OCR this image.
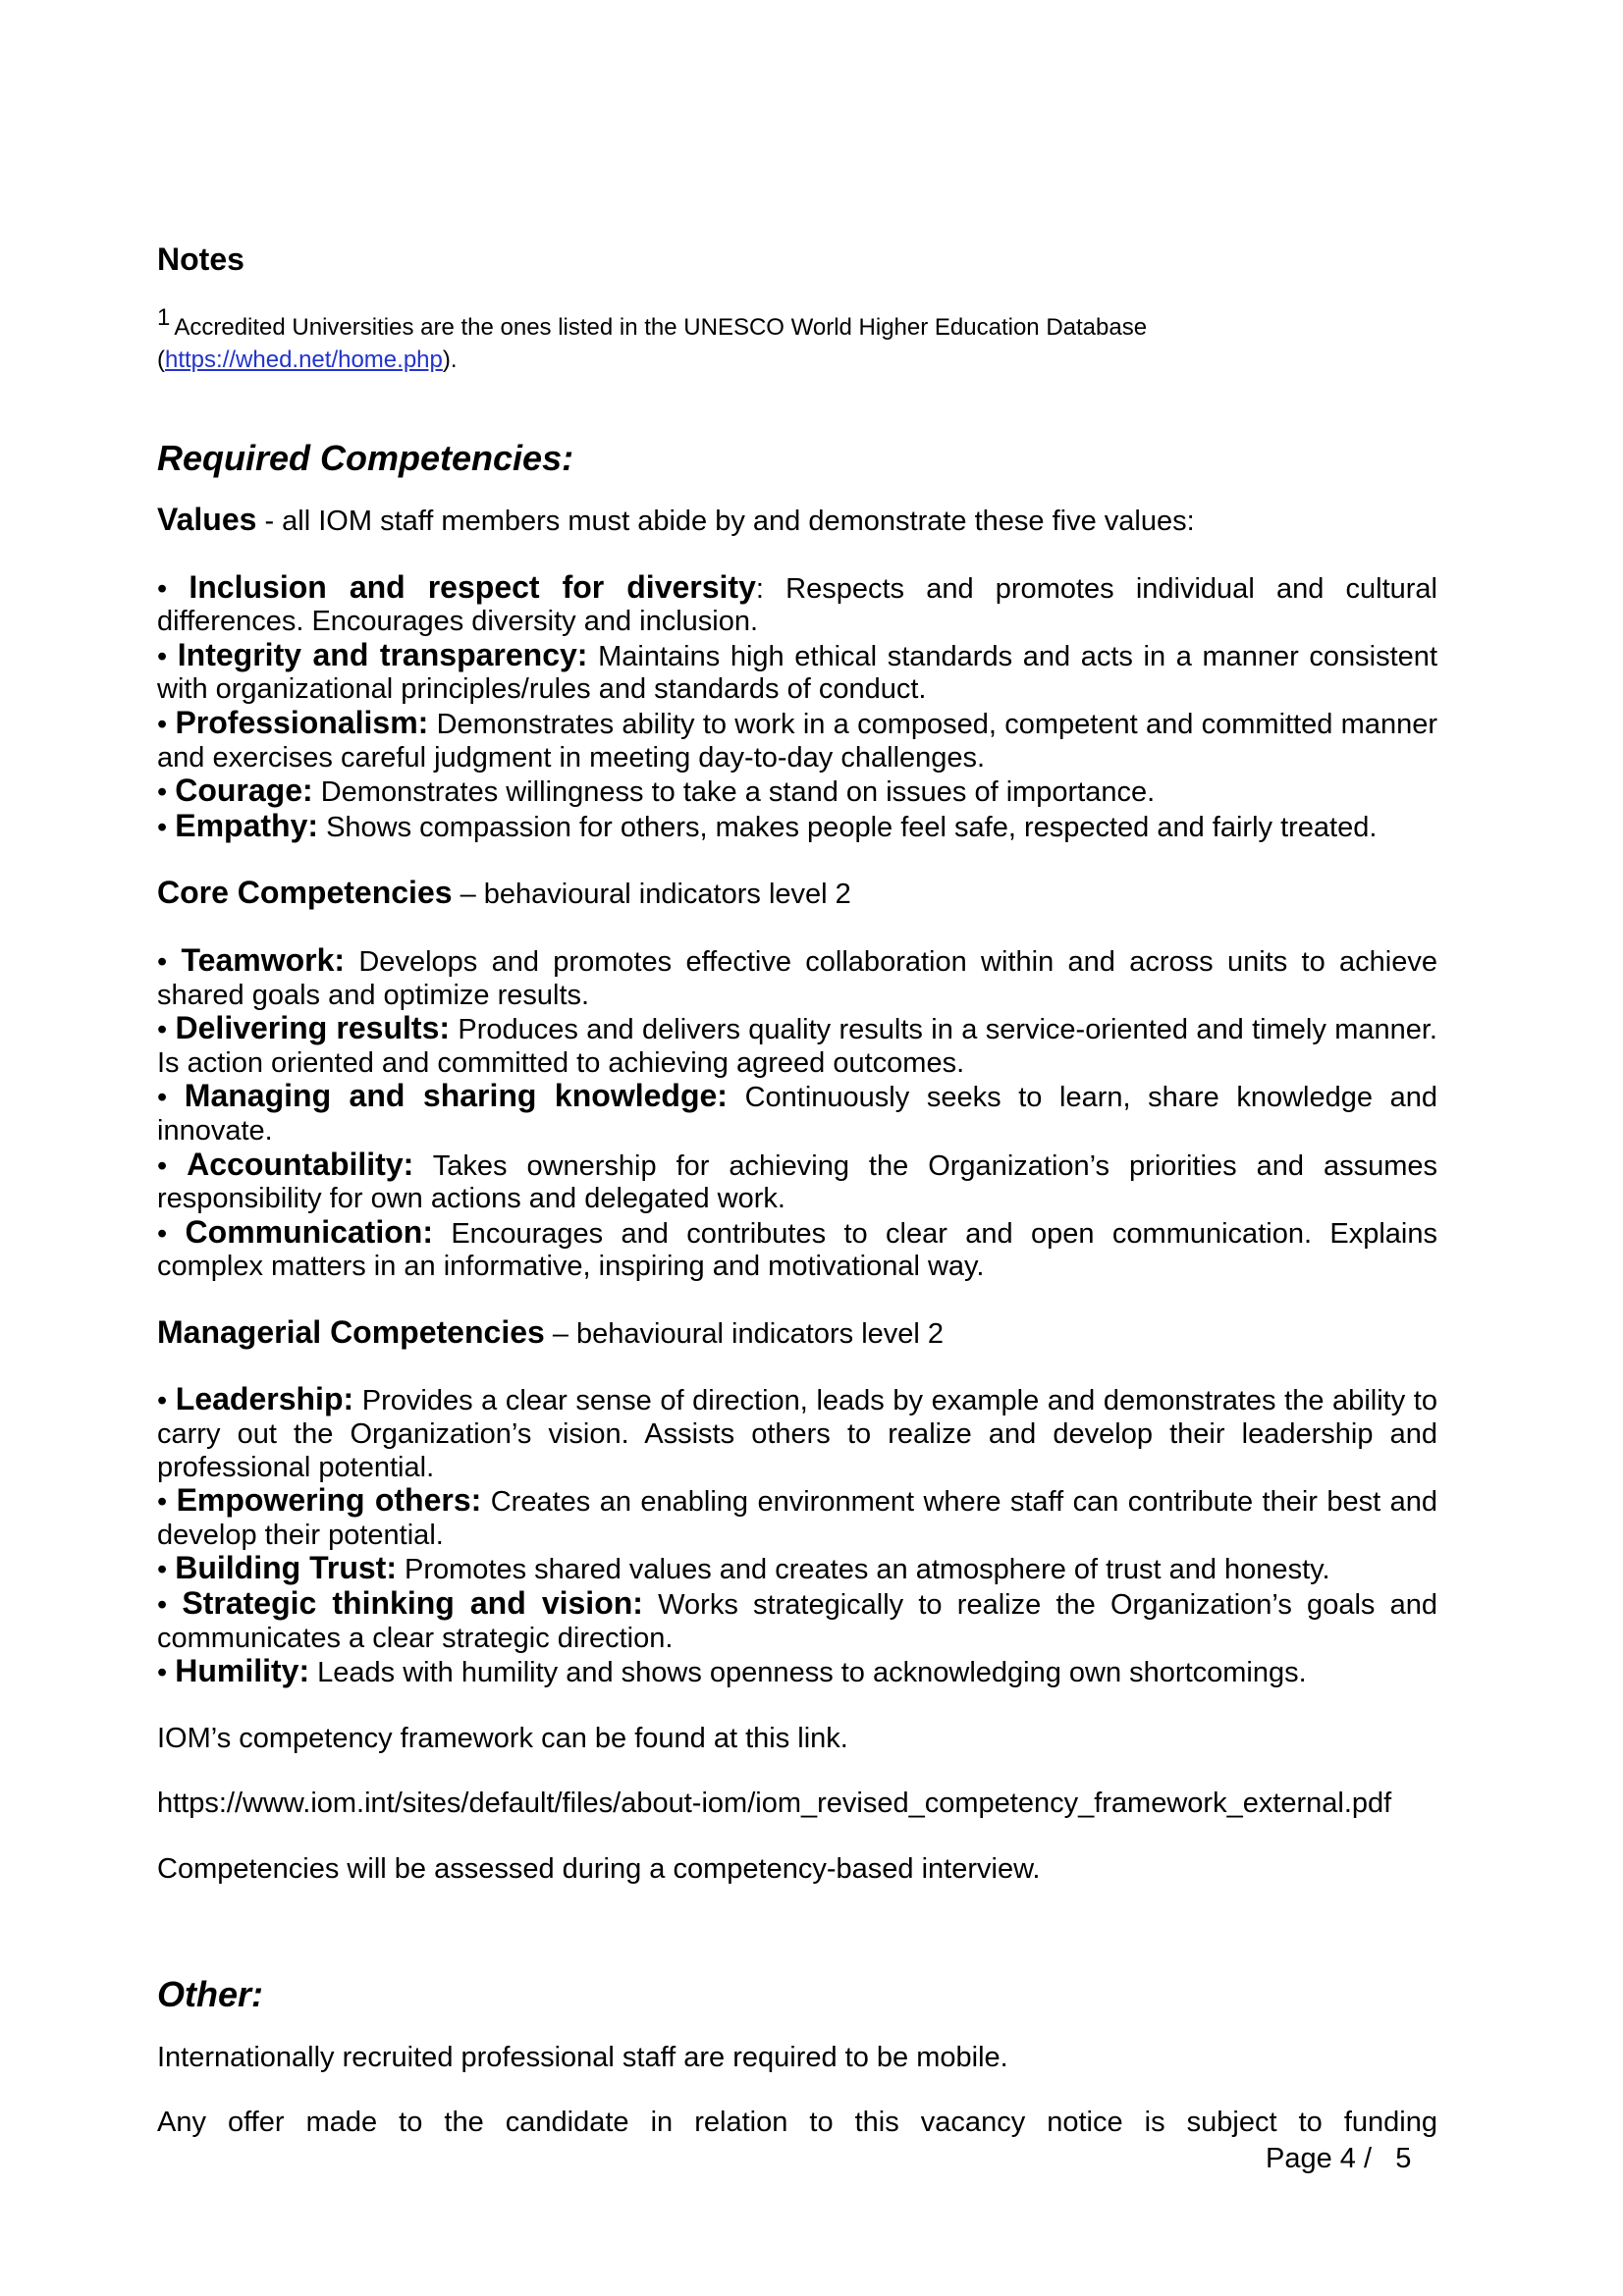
Notes
$^1$ Accredited Universities are the ones listed in the UNESCO World Higher Education Database
(https://whed.net/home.php).
Required Competencies:

Values - all IOM staff members must abide by and demonstrate these five values:

• Inclusion and respect for diversity: Respects and promotes individual and cultural differences. Encourages diversity and inclusion.

• Integrity and transparency: Maintains high ethical standards and acts in a manner consistent with organizational principles/rules and standards of conduct.

• Professionalism: Demonstrates ability to work in a composed, competent and committed manner and exercises careful judgment in meeting day-to-day challenges.

• Courage: Demonstrates willingness to take a stand on issues of importance.

• Empathy: Shows compassion for others, makes people feel safe, respected and fairly treated.

Core Competencies – behavioural indicators level 2

• Teamwork: Develops and promotes effective collaboration within and across units to achieve shared goals and optimize results.

• Delivering results: Produces and delivers quality results in a service-oriented and timely manner. Is action oriented and committed to achieving agreed outcomes.

• Managing and sharing knowledge: Continuously seeks to learn, share knowledge and innovate.

• Accountability: Takes ownership for achieving the Organization’s priorities and assumes responsibility for own actions and delegated work.

• Communication: Encourages and contributes to clear and open communication. Explains complex matters in an informative, inspiring and motivational way.

Managerial Competencies – behavioural indicators level 2

• Leadership: Provides a clear sense of direction, leads by example and demonstrates the ability to carry out the Organization’s vision. Assists others to realize and develop their leadership and professional potential.

• Empowering others: Creates an enabling environment where staff can contribute their best and develop their potential.

• Building Trust: Promotes shared values and creates an atmosphere of trust and honesty.

• Strategic thinking and vision: Works strategically to realize the Organization’s goals and communicates a clear strategic direction.

• Humility: Leads with humility and shows openness to acknowledging own shortcomings.

IOM’s competency framework can be found at this link.

https://www.iom.int/sites/default/files/about-iom/iom_revised_competency_framework_external.pdf

Competencies will be assessed during a competency-based interview.

Other:

Internationally recruited professional staff are required to be mobile.

Any offer made to the candidate in relation to this vacancy notice is subject to funding

Page 4 /   5
